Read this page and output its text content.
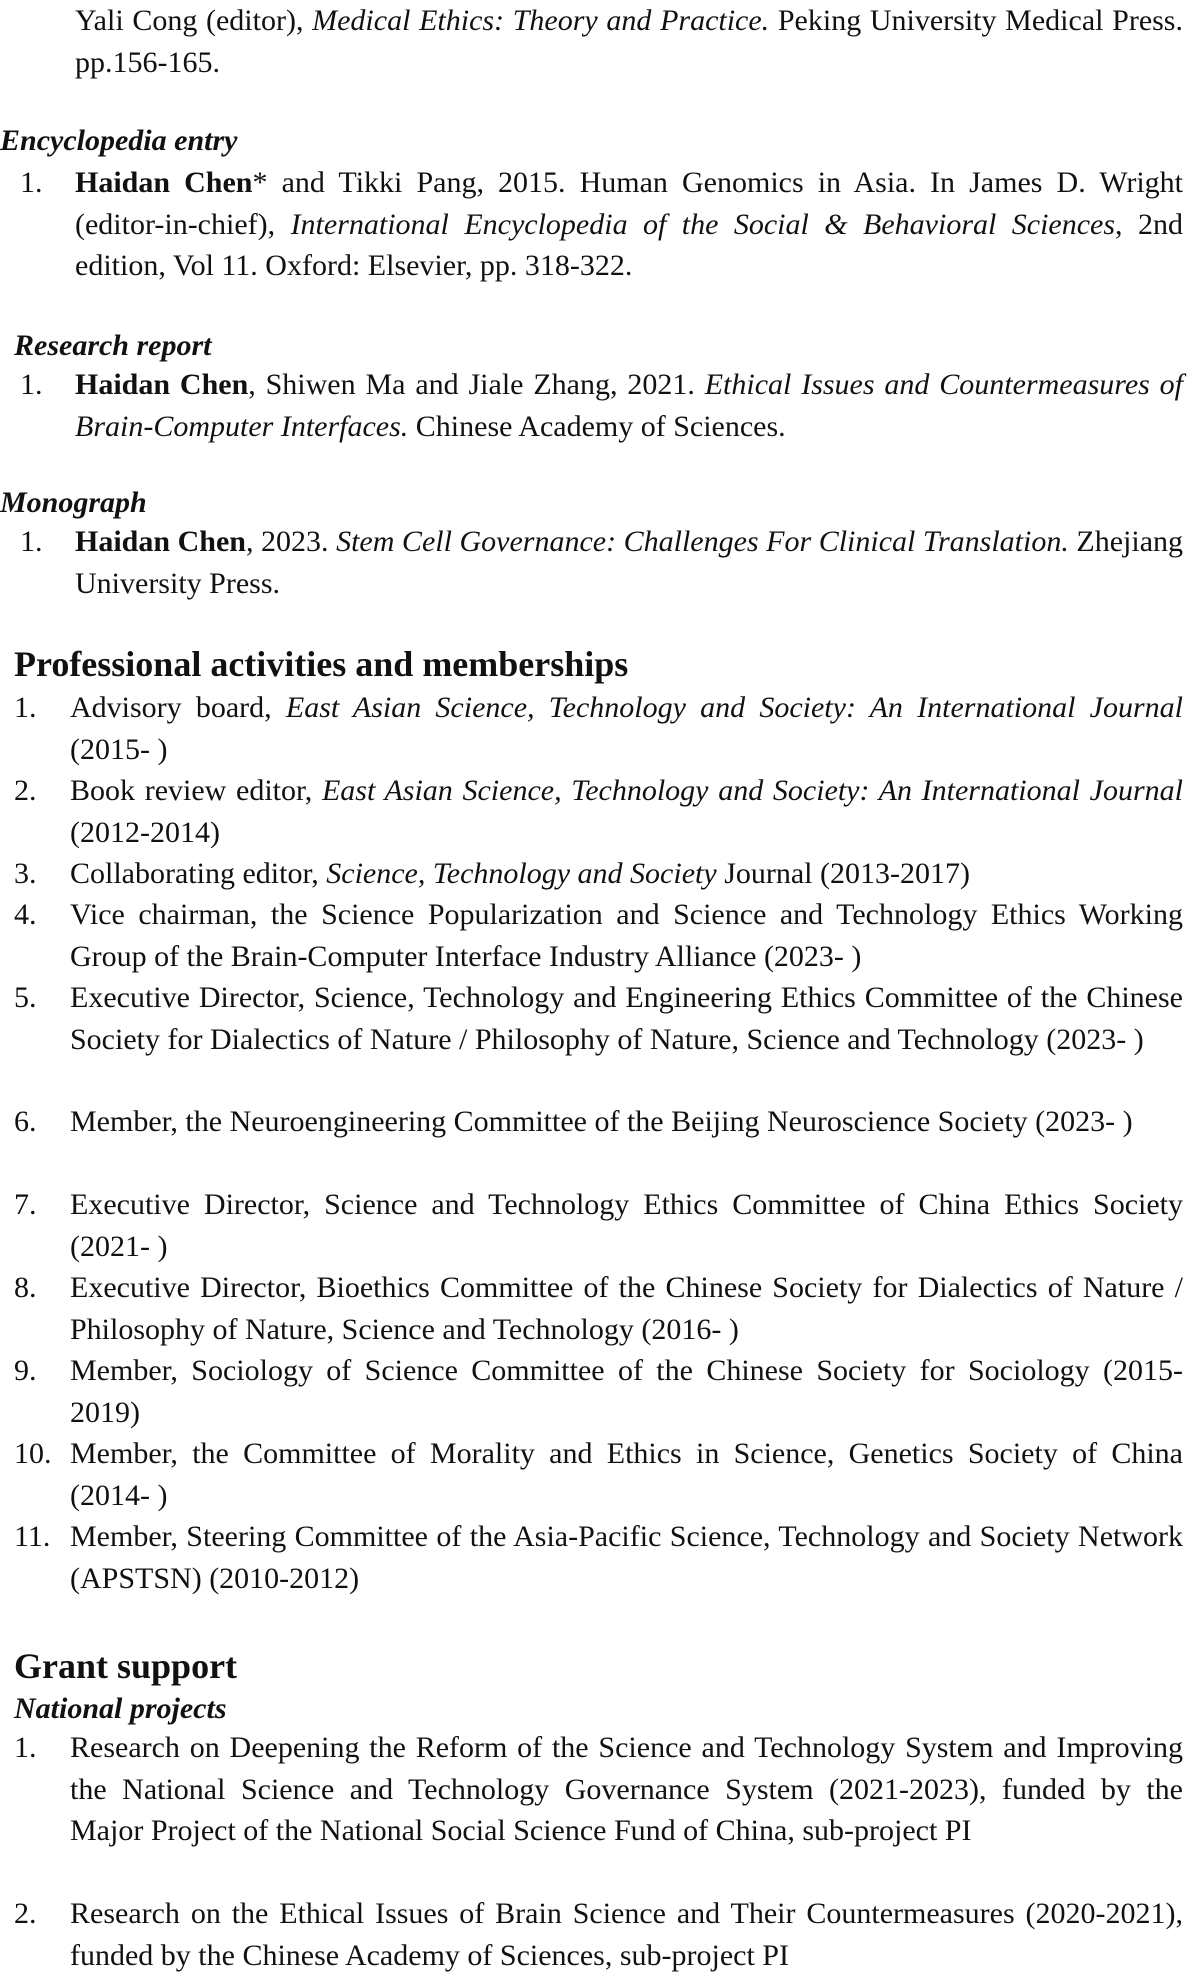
Yali Cong (editor), Medical Ethics: Theory and Practice. Peking University Medical Press. pp.156-165.

Encyclopedia entry
1. Haidan Chen* and Tikki Pang, 2015. Human Genomics in Asia. In James D. Wright (editor-in-chief), International Encyclopedia of the Social & Behavioral Sciences, 2nd edition, Vol 11. Oxford: Elsevier, pp. 318-322.

Research report
1. Haidan Chen, Shiwen Ma and Jiale Zhang, 2021. Ethical Issues and Countermeasures of Brain-Computer Interfaces. Chinese Academy of Sciences.

Monograph
1. Haidan Chen, 2023. Stem Cell Governance: Challenges For Clinical Translation. Zhejiang University Press.

Professional activities and memberships
1. Advisory board, East Asian Science, Technology and Society: An International Journal (2015- )

2. Book review editor, East Asian Science, Technology and Society: An International Journal (2012-2014)

3. Collaborating editor, Science, Technology and Society Journal (2013-2017)

4. Vice chairman, the Science Popularization and Science and Technology Ethics Working Group of the Brain-Computer Interface Industry Alliance (2023- )

5. Executive Director, Science, Technology and Engineering Ethics Committee of the Chinese Society for Dialectics of Nature / Philosophy of Nature, Science and Technology (2023- )

6. Member, the Neuroengineering Committee of the Beijing Neuroscience Society (2023- )

7. Executive Director, Science and Technology Ethics Committee of China Ethics Society (2021- )

8. Executive Director, Bioethics Committee of the Chinese Society for Dialectics of Nature / Philosophy of Nature, Science and Technology (2016- )

9. Member, Sociology of Science Committee of the Chinese Society for Sociology (2015- 2019)

10. Member, the Committee of Morality and Ethics in Science, Genetics Society of China (2014- )

11. Member, Steering Committee of the Asia-Pacific Science, Technology and Society Network (APSTSN) (2010-2012)

Grant support
National projects
1. Research on Deepening the Reform of the Science and Technology System and Improving the National Science and Technology Governance System (2021-2023), funded by the Major Project of the National Social Science Fund of China, sub-project PI

2. Research on the Ethical Issues of Brain Science and Their Countermeasures (2020-2021), funded by the Chinese Academy of Sciences, sub-project PI
